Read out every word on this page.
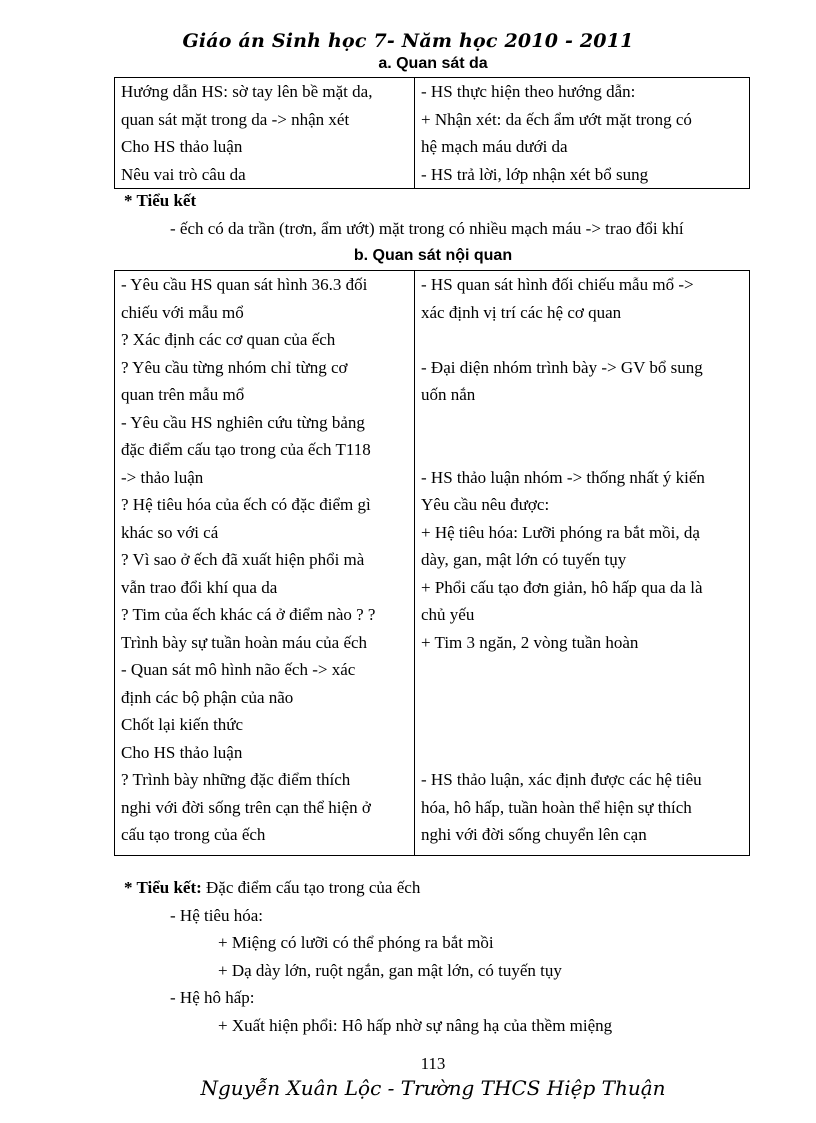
Giáo án Sinh học 7- Năm học 2010 - 2011
a. Quan sát da
Hướng dẫn HS: sờ tay lên bề mặt da,
quan sát mặt trong da -> nhận xét
Cho HS thảo luận
Nêu vai trò câu da

- HS thực hiện theo hướng dẫn:
+ Nhận xét: da ếch ẩm ướt mặt trong có
hệ mạch máu dưới da
- HS trả lời, lớp nhận xét bổ sung
* Tiểu kết
- ếch có da trần (trơn, ẩm ướt) mặt trong có nhiều mạch máu -> trao đổi khí
b. Quan sát nội quan
- Yêu cầu HS quan sát hình 36.3 đối
chiếu với mẫu mổ
? Xác định các cơ quan của ếch
? Yêu cầu từng nhóm chỉ từng cơ
quan trên mẫu mổ
- Yêu cầu HS nghiên cứu từng bảng
đặc điểm cấu tạo trong của ếch T118
-> thảo luận
? Hệ tiêu hóa của ếch có đặc điểm gì
khác so với cá
? Vì sao ở ếch đã xuất hiện phổi mà
vẫn trao đổi khí qua da
? Tim của ếch khác cá ở điểm nào ? ?
Trình bày sự tuần hoàn máu của ếch
- Quan sát mô hình não ếch -> xác
định các bộ phận của não
Chốt lại kiến thức
Cho HS thảo luận
? Trình bày những đặc điểm thích
nghi với đời sống trên cạn thể hiện ở
cấu tạo trong của ếch

- HS quan sát hình đối chiếu mẫu mổ ->
xác định vị trí các hệ cơ quan
- Đại diện nhóm trình bày -> GV bổ sung
uốn nắn
- HS thảo luận nhóm -> thống nhất ý kiến
Yêu cầu nêu được:
+ Hệ tiêu hóa: Lưỡi phóng ra bắt mồi, dạ
dày, gan, mật lớn có tuyến tụy
+ Phổi cấu tạo đơn giản, hô hấp qua da là
chủ yếu
+ Tim 3 ngăn, 2 vòng tuần hoàn
- HS thảo luận, xác định được các hệ tiêu
hóa, hô hấp, tuần hoàn thể hiện sự thích
nghi với đời sống chuyển lên cạn
* Tiểu kết: Đặc điểm cấu tạo trong của ếch
- Hệ tiêu hóa:
+ Miệng có lưỡi có thể phóng ra bắt mồi
+ Dạ dày lớn, ruột ngắn, gan mật lớn, có tuyến tụy
- Hệ hô hấp:
+ Xuất hiện phổi: Hô hấp nhờ sự nâng hạ của thềm miệng
113
Nguyễn Xuân Lộc - Trường THCS Hiệp Thuận
